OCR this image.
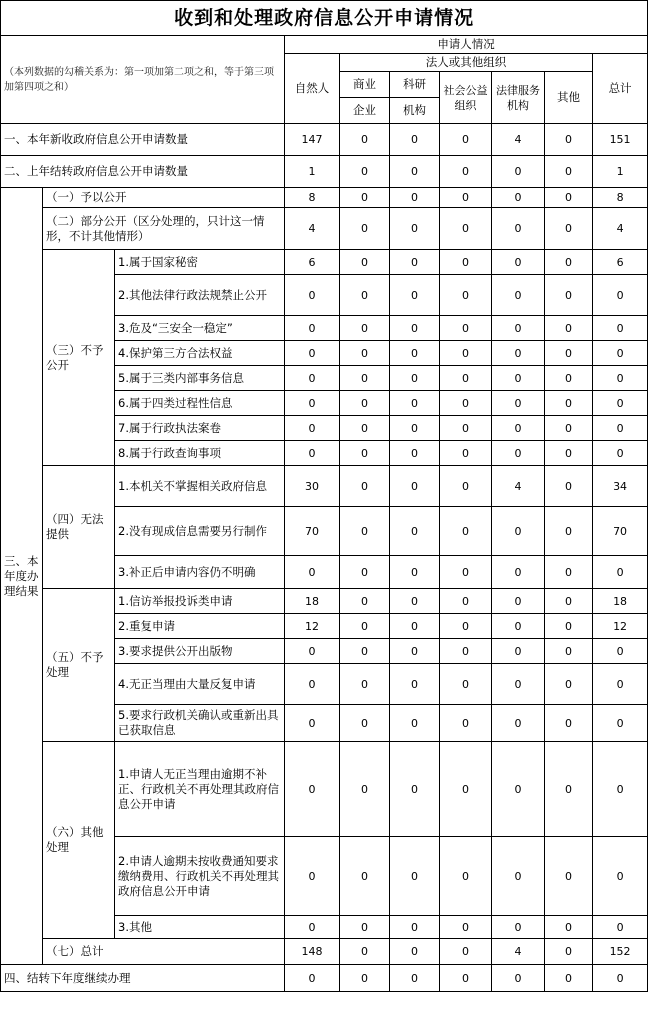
收到和处理政府信息公开申请情况									
（本列数据的勾稽关系为：第一项加第二项之和，等于第三项加第四项之和）			申请人情况						
			自然人	法人或其他组织					总计
				商业	科研	社会公益组织	法律服务机构	其他	
				企业	机构				
一、本年新收政府信息公开申请数量			147	0	0	0	4	0	151
二、上年结转政府信息公开申请数量			1	0	0	0	0	0	1
三、本年度办理结果	（一）予以公开		8	0	0	0	0	0	8
	（二）部分公开（区分处理的，只计这一情形，不计其他情形）		4	0	0	0	0	0	4
	（三）不予公开	1.属于国家秘密	6	0	0	0	0	0	6
		2.其他法律行政法规禁止公开	0	0	0	0	0	0	0
		3.危及“三安全一稳定”	0	0	0	0	0	0	0
		4.保护第三方合法权益	0	0	0	0	0	0	0
		5.属于三类内部事务信息	0	0	0	0	0	0	0
		6.属于四类过程性信息	0	0	0	0	0	0	0
		7.属于行政执法案卷	0	0	0	0	0	0	0
		8.属于行政查询事项	0	0	0	0	0	0	0
	（四）无法提供	1.本机关不掌握相关政府信息	30	0	0	0	4	0	34
		2.没有现成信息需要另行制作	70	0	0	0	0	0	70
		3.补正后申请内容仍不明确	0	0	0	0	0	0	0
	（五）不予处理	1.信访举报投诉类申请	18	0	0	0	0	0	18
		2.重复申请	12	0	0	0	0	0	12
		3.要求提供公开出版物	0	0	0	0	0	0	0
		4.无正当理由大量反复申请	0	0	0	0	0	0	0
		5.要求行政机关确认或重新出具已获取信息	0	0	0	0	0	0	0
	（六）其他处理	1.申请人无正当理由逾期不补正、行政机关不再处理其政府信息公开申请	0	0	0	0	0	0	0
		2.申请人逾期未按收费通知要求缴纳费用、行政机关不再处理其政府信息公开申请	0	0	0	0	0	0	0
		3.其他	0	0	0	0	0	0	0
	（七）总计		148	0	0	0	4	0	152
四、结转下年度继续办理			0	0	0	0	0	0	0
